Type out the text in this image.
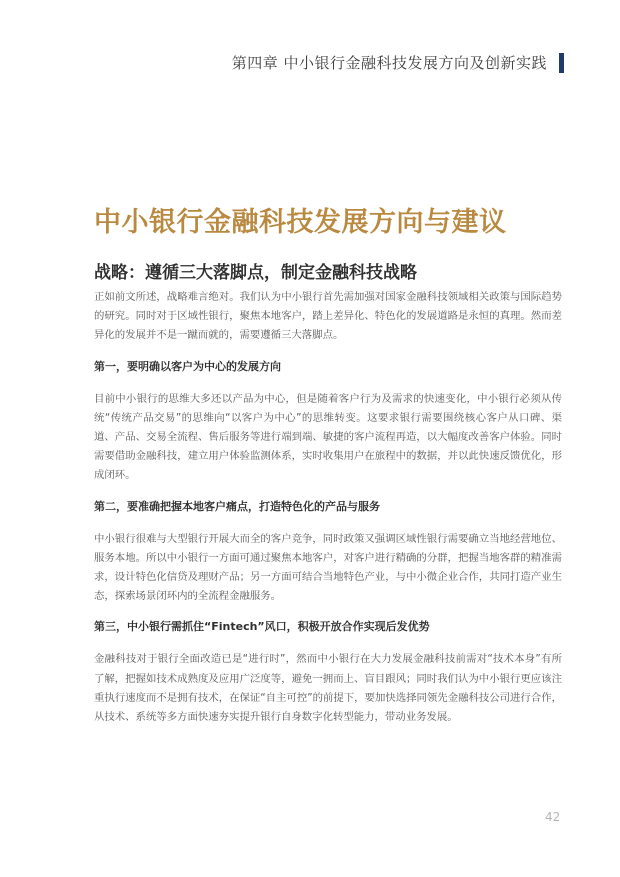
第四章 中小银行金融科技发展方向及创新实践
中小银行金融科技发展方向与建议
战略：遵循三大落脚点，制定金融科技战略

正如前文所述，战略难言绝对。我们认为中小银行首先需加强对国家金融科技领域相关政策与国际趋势的研究。同时对于区域性银行，聚焦本地客户，踏上差异化、特色化的发展道路是永恒的真理。然而差异化的发展并不是一蹴而就的，需要遵循三大落脚点。

第一，要明确以客户为中心的发展方向

目前中小银行的思维大多还以产品为中心，但是随着客户行为及需求的快速变化，中小银行必须从传统“传统产品交易”的思维向“以客户为中心”的思维转变。这要求银行需要围绕核心客户从口碑、渠道、产品、交易全流程、售后服务等进行端到端、敏捷的客户流程再造，以大幅度改善客户体验。同时需要借助金融科技，建立用户体验监测体系，实时收集用户在旅程中的数据，并以此快速反馈优化，形成闭环。

第二，要准确把握本地客户痛点，打造特色化的产品与服务

中小银行很难与大型银行开展大而全的客户竞争，同时政策又强调区域性银行需要确立当地经营地位、服务本地。所以中小银行一方面可通过聚焦本地客户，对客户进行精确的分群，把握当地客群的精准需求，设计特色化信贷及理财产品；另一方面可结合当地特色产业，与中小微企业合作，共同打造产业生态，探索场景闭环内的全流程金融服务。

第三，中小银行需抓住“Fintech”风口，积极开放合作实现后发优势

金融科技对于银行全面改造已是“进行时”，然而中小银行在大力发展金融科技前需对“技术本身”有所了解，把握如技术成熟度及应用广泛度等，避免一拥而上、盲目跟风；同时我们认为中小银行更应该注重执行速度而不是拥有技术，在保证“自主可控”的前提下，要加快选择同领先金融科技公司进行合作，从技术、系统等多方面快速夯实提升银行自身数字化转型能力，带动业务发展。

42
